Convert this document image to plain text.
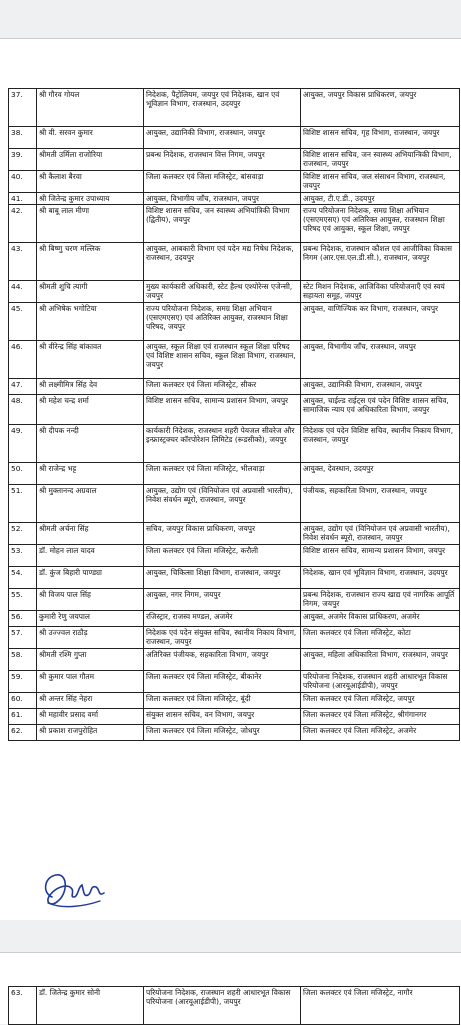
37.	श्री गौरव गोयल	निदेशक, पैट्रोलियम, जयपुर एवं निदेशक, खान एवं भूविज्ञान विभाग, राजस्थान, उदयपुर	आयुक्त, जयपुर विकास प्राधिकरण, जयपुर
38.	श्री वी. सरवन कुमार	आयुक्त, उद्यानिकी विभाग, राजस्थान, जयपुर	विशिष्ट शासन सचिव, गृह विभाग, राजस्थान, जयपुर
39.	श्रीमती उर्मिला राजोरिया	प्रबन्ध निदेशक, राजस्थान वित्त निगम, जयपुर	विशिष्ट शासन सचिव, जन स्वास्थ्य अभियान्त्रिकी विभाग, राजस्थान, जयपुर
40.	श्री कैलाश बैरवा	जिला कलक्टर एवं जिला मजिस्ट्रेट, बांसवाड़ा	विशिष्ट शासन सचिव, जल संसाधन विभाग, राजस्थान, जयपुर
41.	श्री जितेन्द्र कुमार उपाध्याय	आयुक्त, विभागीय जाँच, राजस्थान, जयपुर	आयुक्त, टी.ए.डी., उदयपुर
42.	श्री बाबू लाल मीणा	विशिष्ट शासन सचिव, जन स्वास्थ्य अभियांत्रिकी विभाग (द्वितीय), जयपुर	राज्य परियोजना निदेशक, समग्र शिक्षा अभियान (एसएमएसए) एवं अतिरिक्त आयुक्त, राजस्थान शिक्षा परिषद एवं आयुक्त, स्कूल शिक्षा, जयपुर
43.	श्री बिष्णु चरण मल्लिक	आयुक्त, आबकारी विभाग एवं पदेन मद्य निषेध निदेशक, राजस्थान, उदयपुर	प्रबन्ध निदेशक, राजस्थान कौशल एवं आजीविका विकास निगम (आर.एस.एल.डी.सी.), राजस्थान, जयपुर
44.	श्रीमती शुचि त्यागी	मुख्य कार्यकारी अधिकारी, स्टेट हैल्थ एश्योरेन्स एजेन्सी, जयपुर	स्टेट मिशन निदेशक, आजिविका परियोजनाएँ एवं स्वयं सहायता समूह, जयपुर
45.	श्री अभिषेक भगोटिया	राज्य परियोजना निदेशक, समग्र शिक्षा अभियान (एसएमएसए) एवं अतिरिक्त आयुक्त, राजस्थान शिक्षा परिषद, जयपुर	आयुक्त, वाणिज्यिक कर विभाग, राजस्थान, जयपुर
46.	श्री वीरेन्द्र सिंह बांकावत	आयुक्त, स्कूल शिक्षा एवं राजस्थान स्कूल शिक्षा परिषद एवं विशिष्ट शासन सचिव, स्कूल शिक्षा विभाग, राजस्थान, जयपुर	आयुक्त, विभागीय जाँच, राजस्थान, जयपुर
47.	श्री लक्ष्मीमित्र सिंह देव	जिला कलक्टर एवं जिला मजिस्ट्रेट, सीकर	आयुक्त, उद्यानिकी विभाग, राजस्थान, जयपुर
48.	श्री महेश चन्द्र शर्मा	विशिष्ट शासन सचिव, सामान्य प्रशासन विभाग, जयपुर	आयुक्त, चाईल्ड राईट्स एवं पदेन विशिष्ट शासन सचिव, सामाजिक न्याय एवं अधिकारिता विभाग, जयपुर
49.	श्री दीपक नन्दी	कार्यकारी निदेशक, राजस्थान शहरी पेयजल सीवरेज और इन्फ्रास्ट्रक्चर कॉरपोरेशन लिमिटेड (रूडसीको), जयपुर	निदेशक एवं पदेन विशिष्ट सचिव, स्थानीय निकाय विभाग, राजस्थान, जयपुर
50.	श्री राजेन्द्र भट्ट	जिला कलक्टर एवं जिला मजिस्ट्रेट, भीलवाड़ा	आयुक्त, देवस्थान, उदयपुर
51.	श्री मुक्तानन्द अग्रवाल	आयुक्त, उद्योग एवं (विनियोजन एवं अप्रवासी भारतीय), निवेश संवर्धन ब्यूरो, राजस्थान, जयपुर	पंजीयक, सहकारिता विभाग, राजस्थान, जयपुर
52.	श्रीमती अर्चना सिंह	सचिव, जयपुर विकास प्राधिकरण, जयपुर	आयुक्त, उद्योग एवं (विनियोजन एवं अप्रवासी भारतीय), निवेश संवर्धन ब्यूरो, राजस्थान, जयपुर
53.	डॉ. मोहन लाल यादव	जिला कलक्टर एवं जिला मजिस्ट्रेट, करौली	विशिष्ट शासन सचिव, सामान्य प्रशासन विभाग, जयपुर
54.	डॉ. कुंज बिहारी पाण्ड्या	आयुक्त, चिकित्सा शिक्षा विभाग, राजस्थान, जयपुर	निदेशक, खान एवं भूविज्ञान विभाग, राजस्थान, उदयपुर
55.	श्री विजय पाल सिंह	आयुक्त, नगर निगम, जयपुर	प्रबन्ध निदेशक, राजस्थान राज्य खाद्य एवं नागरिक आपूर्ति निगम, जयपुर
56.	कुमारी रेणु जयपाल	रजिस्ट्रार, राजस्व मण्डल, अजमेर	आयुक्त, अजमेर विकास प्राधिकरण, अजमेर
57.	श्री उज्ज्वल राठौड़	निदेशक एवं पदेन संयुक्त सचिव, स्थानीय निकाय विभाग, राजस्थान, जयपुर	जिला कलक्टर एवं जिला मजिस्ट्रेट, कोटा
58.	श्रीमती रश्मि गुप्ता	अतिरिक्त पंजीयक, सहकारिता विभाग, जयपुर	आयुक्त, महिला अधिकारिता विभाग, राजस्थान, जयपुर
59.	श्री कुमार पाल गौतम	जिला कलक्टर एवं जिला मजिस्ट्रेट, बीकानेर	परियोजना निदेशक, राजस्थान शहरी आधारभूत विकास परियोजना (आरयूआईडीपी), जयपुर
60.	श्री अन्तर सिंह नेहरा	जिला कलक्टर एवं जिला मजिस्ट्रेट, बूंदी	जिला कलक्टर एवं जिला मजिस्ट्रेट, जयपुर
61.	श्री महावीर प्रसाद वर्मा	संयुक्त शासन सचिव, वन विभाग, जयपुर	जिला कलक्टर एवं जिला मजिस्ट्रेट, श्रीगंगानगर
62.	श्री प्रकाश राजपुरोहित	जिला कलक्टर एवं जिला मजिस्ट्रेट, जोधपुर	जिला कलक्टर एवं जिला मजिस्ट्रेट, अजमेर
63.	डॉ. जितेन्द्र कुमार सोनी	परियोजना निदेशक, राजस्थान शहरी आधारभूत विकास परियोजना (आरयूआईडीपी), जयपुर	जिला कलक्टर एवं जिला मजिस्ट्रेट, नागौर
